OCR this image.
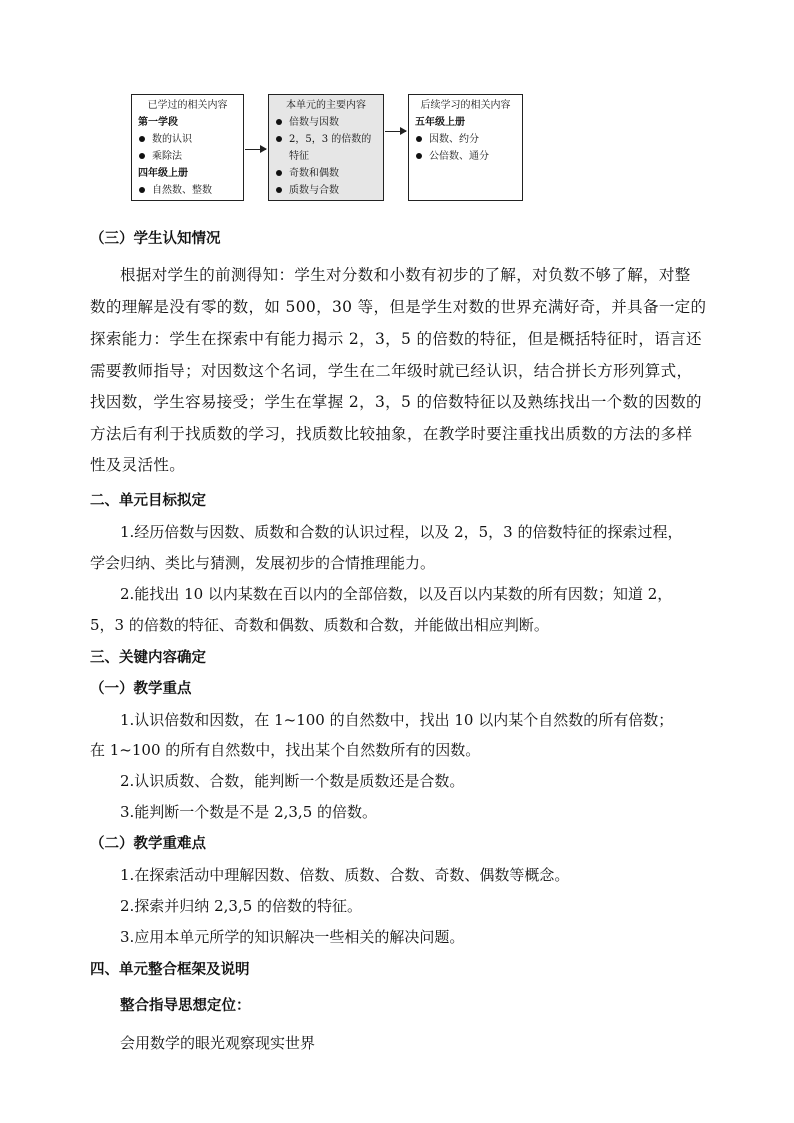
已学过的相关内容
第一学段
数的认识
乘除法
四年级上册
自然数、整数
本单元的主要内容
倍数与因数
2，5，3 的倍数的特征
奇数和偶数
质数与合数
后续学习的相关内容
五年级上册
因数、约分
公倍数、通分
（三）学生认知情况
根据对学生的前测得知：学生对分数和小数有初步的了解，对负数不够了解，对整
数的理解是没有零的数，如 500，30 等，但是学生对数的世界充满好奇，并具备一定的
探索能力：学生在探索中有能力揭示 2，3，5 的倍数的特征，但是概括特征时，语言还
需要教师指导；对因数这个名词，学生在二年级时就已经认识，结合拼长方形列算式，
找因数，学生容易接受；学生在掌握 2，3，5 的倍数特征以及熟练找出一个数的因数的
方法后有利于找质数的学习，找质数比较抽象，在教学时要注重找出质数的方法的多样
性及灵活性。
二、单元目标拟定
1.经历倍数与因数、质数和合数的认识过程，以及 2，5，3 的倍数特征的探索过程，
学会归纳、类比与猜测，发展初步的合情推理能力。
2.能找出 10 以内某数在百以内的全部倍数，以及百以内某数的所有因数；知道 2，
5，3 的倍数的特征、奇数和偶数、质数和合数，并能做出相应判断。
三、关键内容确定
（一）教学重点
1.认识倍数和因数，在 1~100 的自然数中，找出 10 以内某个自然数的所有倍数；
在 1~100 的所有自然数中，找出某个自然数所有的因数。
2.认识质数、合数，能判断一个数是质数还是合数。
3.能判断一个数是不是 2,3,5 的倍数。
（二）教学重难点
1.在探索活动中理解因数、倍数、质数、合数、奇数、偶数等概念。
2.探索并归纳 2,3,5 的倍数的特征。
3.应用本单元所学的知识解决一些相关的解决问题。
四、单元整合框架及说明
整合指导思想定位：
会用数学的眼光观察现实世界
